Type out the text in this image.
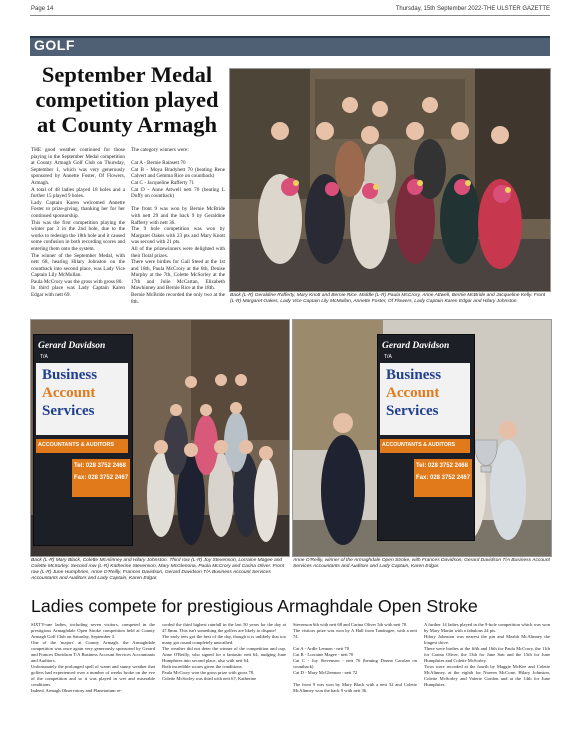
Page 14	Thursday, 15th September 2022-THE ULSTER GAZETTE
GOLF
September Medal competition played at County Armagh
THE good weather continued for those playing in the September Medal competition at County Armagh Golf Club on Thursday, September 1, which was very generously sponsored by Annette Foster, Of Flowers, Armagh.
A total of 48 ladies played 18 holes and a further 15 played 9 holes.
Lady Captain Karen welcomed Annette Foster to prize-giving, thanking her for her continued sponsorship.
This was the first competition playing the winter par 3 in the 2nd hole, due to the works to redesign the 18th hole and it caused some confusion in both recording scores and entering them onto the system.
The winner of the September Medal, with nett 68, hearing Hilary Johnston on the countback into second place, was Lady Vice Captain Lily McMullan.
Paula McCrory was the gross with gross 80.
In third place was Lady Captain Karen Edgar with nett 69.
The category winners were:

Cat A - Bernie Rainsett 70
Cat B - Moya Bradyhett 70 (beating Rene Calvert and Gemma Rice on countback)
Cat C - Jacqueline Rafferty 71
Cat D - Anne Attwell nett 70 (beating L Duffy on countback)

The front 9 was won by Bernie McBride with nett 29 and the back 9 by Geraldine Rafferty with nett 36.
The 9 hole competition was won by Margaret Oakes with 23 pts and Mary Knott was second with 21 pts.
All of the prizewinners were delighted with their floral prizes.
There were birdies for Gail Steed at the 1st and 18th, Paula McCrory at the 6th, Denise Murphy at the 7th, Colette McSorley at the 17th and Julie McCartan, Elizabeth Mawhinney and Bernie Rice at the 18th.
Bernie McBride recorded the only two at the 8th.
Back (L-R) Geraldine Rafferty, Mary Knott and Bernie Rice. Middle (L-R) Paula McCrory, Anne Attwell, Bernie McBride and Jacqueline Kelly. Front (L-R) Margaret Oakes, Lady Vice Captain Lily McMullan, Annette Foster, Of Flowers, Lady Captain Karen Edgar and Hilary Johnston.
Gerard Davidson
T/A
Business
Account
Services
ACCOUNTANTS & AUDITORS
Tel: 028 3752 2468
Fax: 028 3752 2467
Back (L-R) Mary Black, Colette McAlinney and Hilary Johnston. Third row (L-R) Joy Stevenson, Lorraine Magee and Colette McSorley. Second row (L-R) Katherine Stevenson, Mary McGlenona, Paula McCrory and Carina Oliver. Front row (L-R) June Humphries, Anne O'Reilly, Frances Davidson, Gerard Davidson T/A Business Account Services Accountants and Auditors and Lady Captain, Karen Edgar.
Gerard Davidson
T/A
Business
Account
Services
ACCOUNTANTS & AUDITORS
Tel: 028 3752 2468
Fax: 028 3752 2467
Anne O'Reilly, winner of the Armaghdale Open Stroke, with Frances Davidson, Gerard Davidson T/A Business Account Services Accountants and Auditors and Lady Captain, Karen Edgar.
Ladies compete for prestigious Armaghdale Open Stroke
SIXTY-one ladies, including seven visitors, competed in the prestigious Armaghdale Open Stroke competition held at County Armagh Golf Club on Saturday, September 3.
One of the 'majors' at County Armagh, the Armaghdale competition was once again very generously sponsored by Gerard and Frances Davidson T/A Business Account Services Accountants and Auditors.
Unfortunately the prolonged spell of warm and sunny weather that golfers had experienced over a number of weeks broke on the eve of the competition and so it was played in wet and miserable conditions.
Indeed, Armagh Observatory and Planetarium re-
corded the third highest rainfall in the last 50 years for the day at 47.8mm. This isn't something the golfers are likely to dispute!
The early tees got the best of the day, though it is unlikely that too many got round completely unscathed.
The weather did not deter the winner of the competition and cup, Anne O'Reilly, who signed for a fantastic nett 64, nudging June Humphries into second place, also with nett 64.
Both incredible scores given the conditions.
Paula McCrory won the gross prize with gross 78.
Colette McSorley was third with nett 67, Katherine
Stevenson 6th with nett 68 and Carina Oliver 5th with nett 70.
The visitors prize was won by A Hall from Tandragee, with a nett 74.

Cat A - Ardle Lennon - nett 70
Cat B - Lorraine Magee - nett 70
Cat C - Joy Stevenson - nett 76 (beating Donna Carolan on countback)
Cat D - Mary McGlennon - nett 72

The front 9 was won by Mary Black with a nett 32 and Colette McAlinney won the back 9 with nett 36.
A further 14 ladies played in the 9-hole competition which was won by Mary Martin with a fabulous 24 pts.
Hilary Johnston was nearest the pin and Meabh McAlinney the longest drive.
There were birdies at the fifth and 16th for Paula McCrory, the 11th for Carina Oliver, the 13th for June Sait and the 15th for June Humphries and Colette McSorley.
Twos were recorded at the fourth by Maggie McKee and Colette McAlinney, at the eighth for Noreen McCone, Hilary Johnston, Colette McSorley and Valerie Gordon and at the 14th for June Humphries.
